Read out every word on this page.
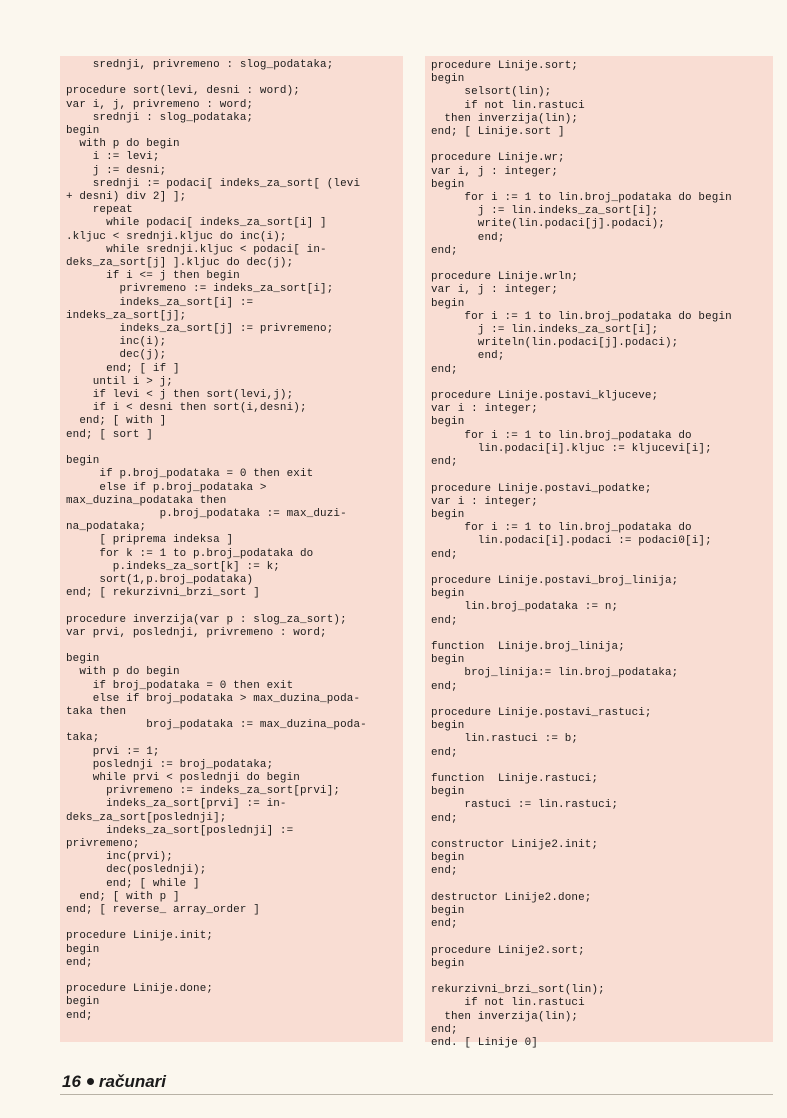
srednji, privremeno : slog_podataka;

procedure sort(levi, desni : word);
var i, j, privremeno : word;
srednji : slog_podataka;
begin
with p do begin
i := levi;
j := desni;
srednji := podaci[ indeks_za_sort[ (levi
+ desni) div 2] ];
repeat
while podaci[ indeks_za_sort[i] ]
.kljuc < srednji.kljuc do inc(i);
while srednji.kljuc < podaci[ in-
deks_za_sort[j] ].kljuc do dec(j);
if i <= j then begin
privremeno := indeks_za_sort[i];
indeks_za_sort[i] :=
indeks_za_sort[j];
indeks_za_sort[j] := privremeno;
inc(i);
dec(j);
end; [ if ]
until i > j;
if levi < j then sort(levi,j);
if i < desni then sort(i,desni);
end; [ with ]
end; [ sort ]

begin
if p.broj_podataka = 0 then exit
else if p.broj_podataka >
max_duzina_podataka then
p.broj_podataka := max_duzi-
na_podataka;
[ priprema indeksa ]
for k := 1 to p.broj_podataka do
p.indeks_za_sort[k] := k;
sort(1,p.broj_podataka)
end; [ rekurzivni_brzi_sort ]

procedure inverzija(var p : slog_za_sort);
var prvi, poslednji, privremeno : word;

begin
with p do begin
if broj_podataka = 0 then exit
else if broj_podataka > max_duzina_poda-
taka then
broj_podataka := max_duzina_poda-
taka;
prvi := 1;
poslednji := broj_podataka;
while prvi < poslednji do begin
privremeno := indeks_za_sort[prvi];
indeks_za_sort[prvi] := in-
deks_za_sort[poslednji];
indeks_za_sort[poslednji] :=
privremeno;
inc(prvi);
dec(poslednji);
end; [ while ]
end; [ with p ]
end; [ reverse_ array_order ]

procedure Linije.init;
begin
end;

procedure Linije.done;
begin
end;
procedure Linije.sort;
begin
selsort(lin);
if not lin.rastuci
then inverzija(lin);
end; [ Linije.sort ]

procedure Linije.wr;
var i, j : integer;
begin
for i := 1 to lin.broj_podataka do begin
j := lin.indeks_za_sort[i];
write(lin.podaci[j].podaci);
end;
end;

procedure Linije.wrln;
var i, j : integer;
begin
for i := 1 to lin.broj_podataka do begin
j := lin.indeks_za_sort[i];
writeln(lin.podaci[j].podaci);
end;
end;

procedure Linije.postavi_kljuceve;
var i : integer;
begin
for i := 1 to lin.broj_podataka do
lin.podaci[i].kljuc := kljucevi[i];
end;

procedure Linije.postavi_podatke;
var i : integer;
begin
for i := 1 to lin.broj_podataka do
lin.podaci[i].podaci := podaci0[i];
end;

procedure Linije.postavi_broj_linija;
begin
lin.broj_podataka := n;
end;

function  Linije.broj_linija;
begin
broj_linija:= lin.broj_podataka;
end;

procedure Linije.postavi_rastuci;
begin
lin.rastuci := b;
end;

function  Linije.rastuci;
begin
rastuci := lin.rastuci;
end;

constructor Linije2.init;
begin
end;

destructor Linije2.done;
begin
end;

procedure Linije2.sort;
begin

rekurzivni_brzi_sort(lin);
if not lin.rastuci
then inverzija(lin);
end;
end. [ Linije 0]
16 računari
